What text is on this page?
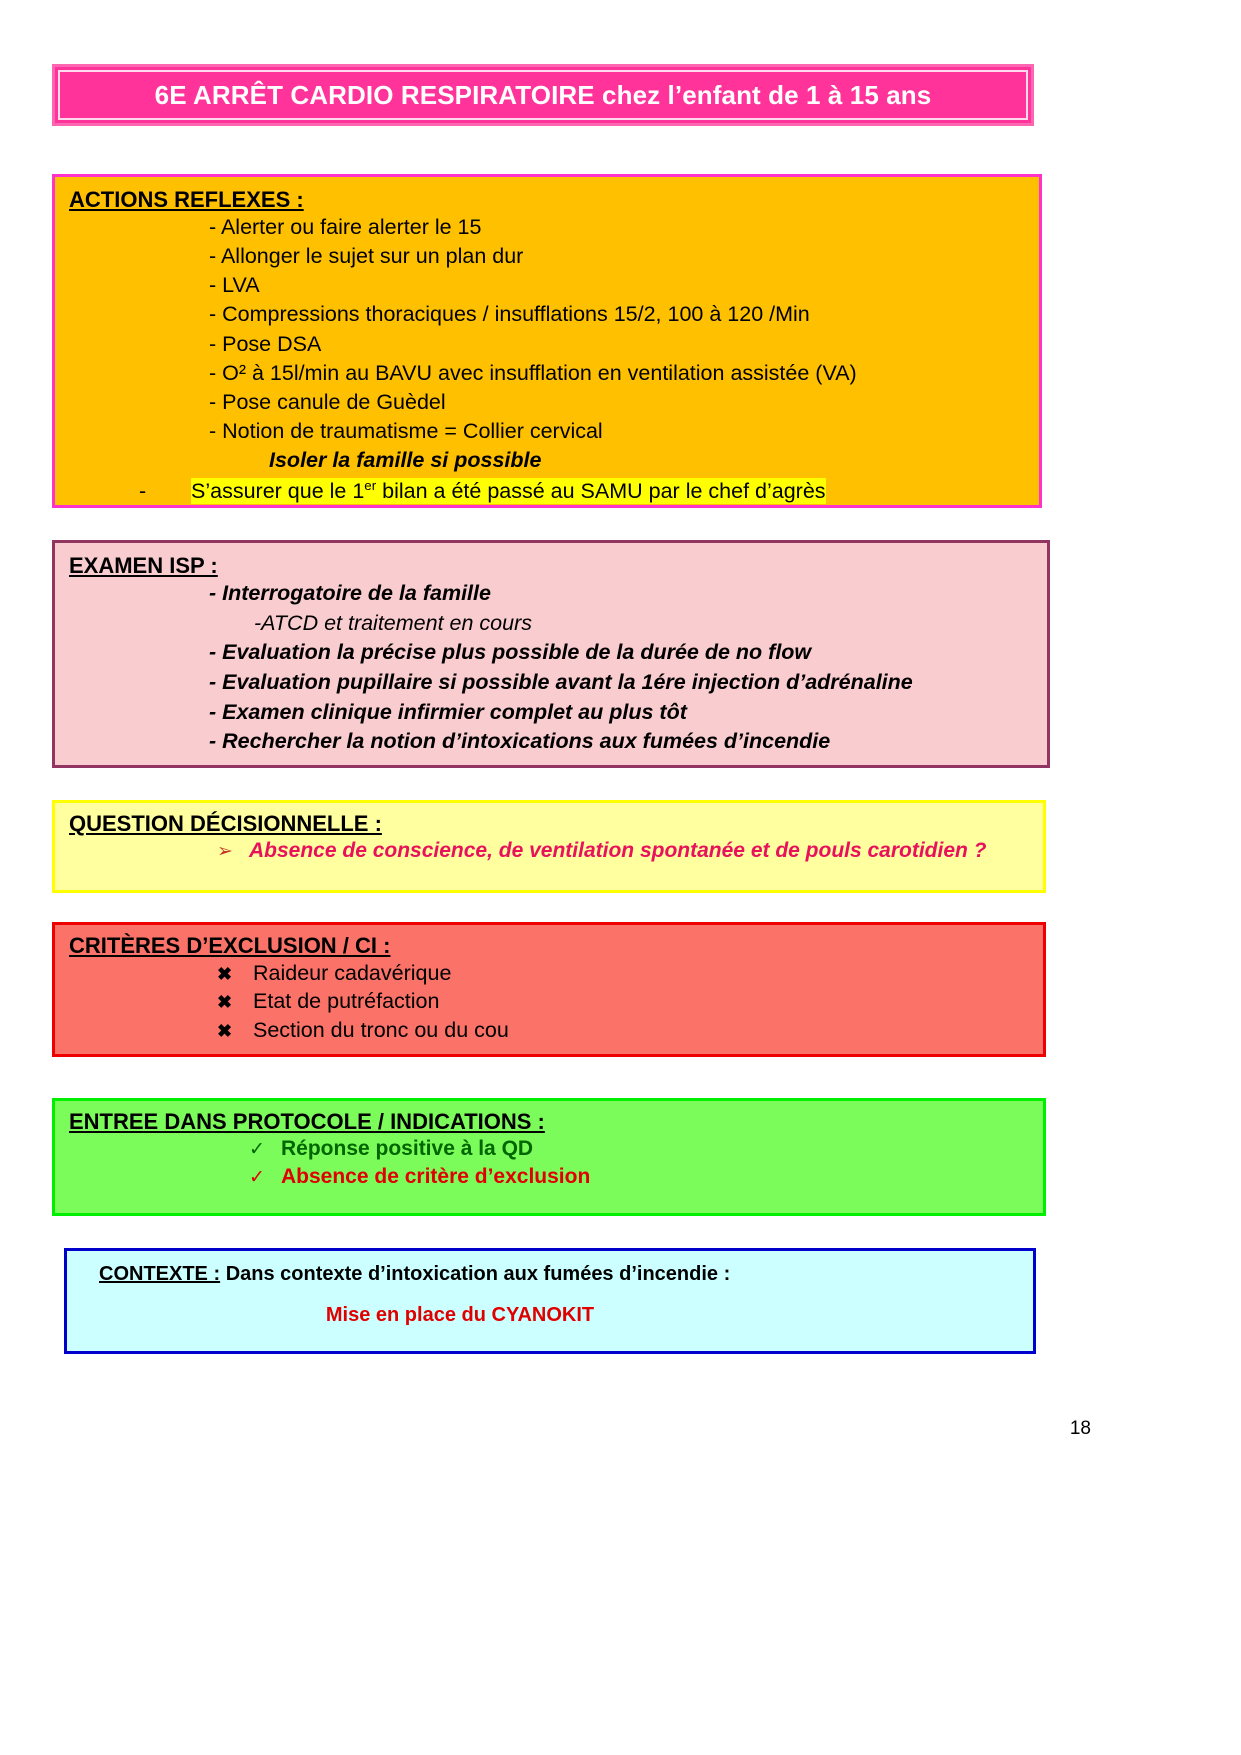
6E ARRÊT CARDIO RESPIRATOIRE chez l’enfant de 1 à 15 ans
ACTIONS REFLEXES :
- Alerter ou faire alerter le 15
- Allonger le sujet sur un plan dur
- LVA
- Compressions thoraciques / insufflations 15/2, 100 à 120 /Min
- Pose DSA
- O² à 15l/min au BAVU avec insufflation en ventilation assistée (VA)
- Pose canule de Guèdel
- Notion de traumatisme = Collier cervical
Isoler la famille si possible
-	S’assurer que le 1er bilan a été passé au SAMU par le chef d’agrès
EXAMEN ISP :
- Interrogatoire de la famille
-ATCD et traitement en cours
- Evaluation la précise plus possible de la durée de no flow
- Evaluation pupillaire si possible avant la 1ére injection d’adrénaline
- Examen clinique infirmier complet au plus tôt
- Rechercher la notion d’intoxications aux fumées d’incendie
QUESTION DÉCISIONNELLE :
➢ Absence de conscience, de ventilation spontanée et de pouls carotidien ?
CRITÈRES D’EXCLUSION / CI :
✖ Raideur cadavérique
✖ Etat de putréfaction
✖ Section du tronc ou du cou
ENTREE DANS PROTOCOLE / INDICATIONS :
✓ Réponse positive à la QD
✓ Absence de critère d’exclusion
CONTEXTE : Dans contexte d’intoxication aux fumées d’incendie :
Mise en place du CYANOKIT
18
